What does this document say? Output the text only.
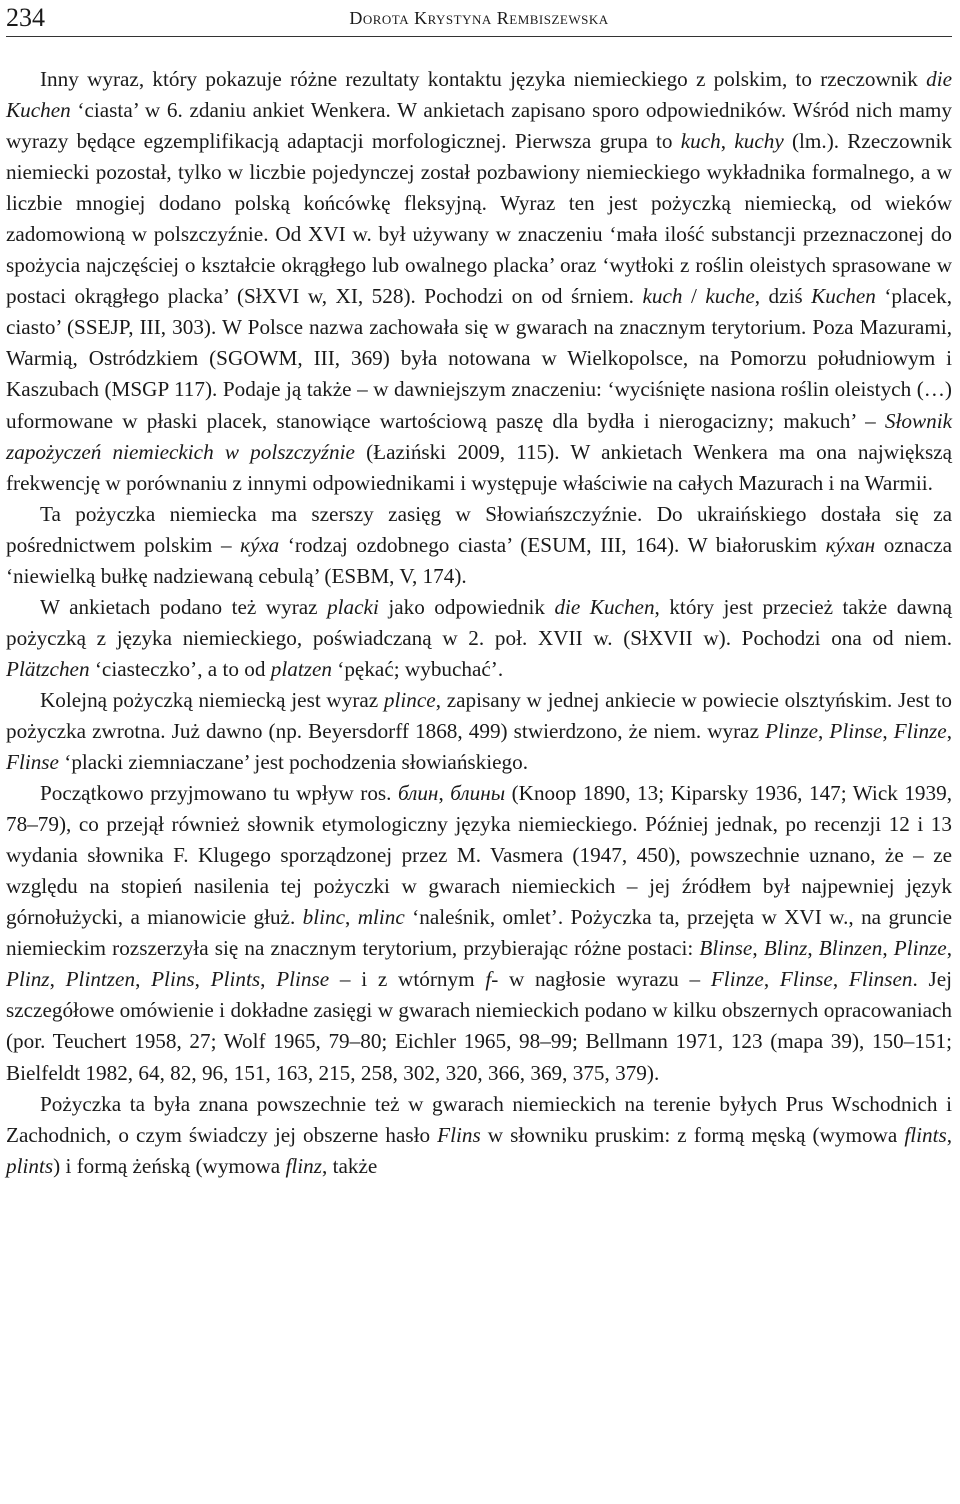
234	Dorota Krystyna Rembiszewska

Inny wyraz, który pokazuje różne rezultaty kontaktu języka niemieckiego z polskim, to rzeczownik die Kuchen ‘ciasta’ w 6. zdaniu ankiet Wenkera. W ankietach zapisano sporo odpowiedników. Wśród nich mamy wyrazy będące egzemplifikacją adaptacji morfologicznej. Pierwsza grupa to kuch, kuchy (lm.). Rzeczownik niemiecki pozostał, tylko w liczbie pojedynczej został pozbawiony niemieckiego wykładnika formalnego, a w liczbie mnogiej dodano polską końcówkę fleksyjną. Wyraz ten jest pożyczką niemiecką, od wieków zadomowioną w polszczyźnie. Od XVI w. był używany w znaczeniu ‘mała ilość substancji przeznaczonej do spożycia najczęściej o kształcie okrągłego lub owalnego placka’ oraz ‘wytłoki z roślin oleistych sprasowane w postaci okrągłego placka’ (SłXVI w, XI, 528). Pochodzi on od śrniem. kuch / kuche, dziś Kuchen ‘placek, ciasto’ (SSEJP, III, 303). W Polsce nazwa zachowała się w gwarach na znacznym terytorium. Poza Mazurami, Warmią, Ostródzkiem (SGOWM, III, 369) była notowana w Wielkopolsce, na Pomorzu południowym i Kaszubach (MSGP 117). Podaje ją także – w dawniejszym znaczeniu: ‘wyciśnięte nasiona roślin oleistych (…) uformowane w płaski placek, stanowiące wartościową paszę dla bydła i nierogacizny; makuch’ – Słownik zapożyczeń niemieckich w polszczyźnie (Łaziński 2009, 115). W ankietach Wenkera ma ona największą frekwencję w porównaniu z innymi odpowiednikami i występuje właściwie na całych Mazurach i na Warmii.

Ta pożyczka niemiecka ma szerszy zasięg w Słowiańszczyźnie. Do ukraińskiego dostała się za pośrednictwem polskim – кýха ‘rodzaj ozdobnego ciasta’ (ESUM, III, 164). W białoruskim кýхан oznacza ‘niewielką bułkę nadziewaną cebulą’ (ESBM, V, 174).

W ankietach podano też wyraz placki jako odpowiednik die Kuchen, który jest przecież także dawną pożyczką z języka niemieckiego, poświadczaną w 2. poł. XVII w. (SłXVII w). Pochodzi ona od niem. Plätzchen ‘ciasteczko’, a to od platzen ‘pękać; wybuchać’.

Kolejną pożyczką niemiecką jest wyraz plince, zapisany w jednej ankiecie w powiecie olsztyńskim. Jest to pożyczka zwrotna. Już dawno (np. Beyersdorff 1868, 499) stwierdzono, że niem. wyraz Plinze, Plinse, Flinze, Flinse ‘placki ziemniaczane’ jest pochodzenia słowiańskiego.

Początkowo przyjmowano tu wpływ ros. блин, блины (Knoop 1890, 13; Kiparsky 1936, 147; Wick 1939, 78–79), co przejął również słownik etymologiczny języka niemieckiego. Później jednak, po recenzji 12 i 13 wydania słownika F. Klugego sporządzonej przez M. Vasmera (1947, 450), powszechnie uznano, że – ze względu na stopień nasilenia tej pożyczki w gwarach niemieckich – jej źródłem był najpewniej język górnołużycki, a mianowicie głuż. blinc, mlinc ‘naleśnik, omlet’. Pożyczka ta, przejęta w XVI w., na gruncie niemieckim rozszerzyła się na znacznym terytorium, przybierając różne postaci: Blinse, Blinz, Blinzen, Plinze, Plinz, Plintzen, Plins, Plints, Plinse – i z wtórnym f- w nagłosie wyrazu – Flinze, Flinse, Flinsen. Jej szczegółowe omówienie i dokładne zasięgi w gwarach niemieckich podano w kilku obszernych opracowaniach (por. Teuchert 1958, 27; Wolf 1965, 79–80; Eichler 1965, 98–99; Bellmann 1971, 123 (mapa 39), 150–151; Bielfeldt 1982, 64, 82, 96, 151, 163, 215, 258, 302, 320, 366, 369, 375, 379).

Pożyczka ta była znana powszechnie też w gwarach niemieckich na terenie byłych Prus Wschodnich i Zachodnich, o czym świadczy jej obszerne hasło Flins w słowniku pruskim: z formą męską (wymowa flints, plints) i formą żeńską (wymowa flinz, także
